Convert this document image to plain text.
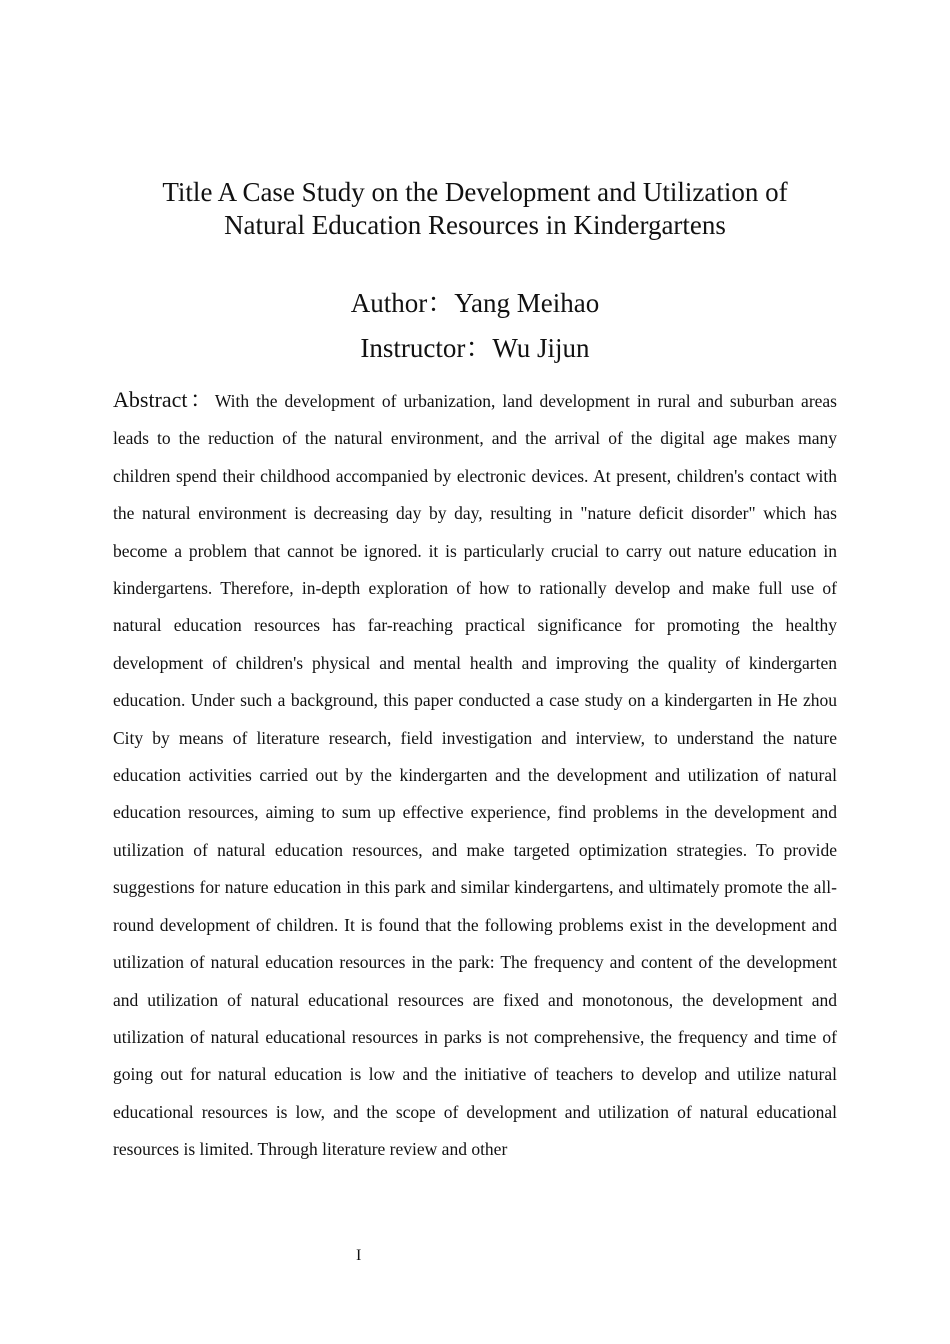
Title A Case Study on the Development and Utilization of
Natural Education Resources in Kindergartens
Author：Yang Meihao
Instructor：Wu Jijun
Abstract：With the development of urbanization, land development in rural and suburban areas leads to the reduction of the natural environment, and the arrival of the digital age makes many children spend their childhood accompanied by electronic devices. At present, children's contact with the natural environment is decreasing day by day, resulting in "nature deficit disorder" which has become a problem that cannot be ignored. it is particularly crucial to carry out nature education in kindergartens. Therefore, in-depth exploration of how to rationally develop and make full use of natural education resources has far-reaching practical significance for promoting the healthy development of children's physical and mental health and improving the quality of kindergarten education. Under such a background, this paper conducted a case study on a kindergarten in He zhou City by means of literature research, field investigation and interview, to understand the nature education activities carried out by the kindergarten and the development and utilization of natural education resources, aiming to sum up effective experience, find problems in the development and utilization of natural education resources, and make targeted optimization strategies. To provide suggestions for nature education in this park and similar kindergartens, and ultimately promote the all-round development of children. It is found that the following problems exist in the development and utilization of natural education resources in the park: The frequency and content of the development and utilization of natural educational resources are fixed and monotonous, the development and utilization of natural educational resources in parks is not comprehensive, the frequency and time of going out for natural education is low and the initiative of teachers to develop and utilize natural educational resources is low, and the scope of development and utilization of natural educational resources is limited. Through literature review and other
I
